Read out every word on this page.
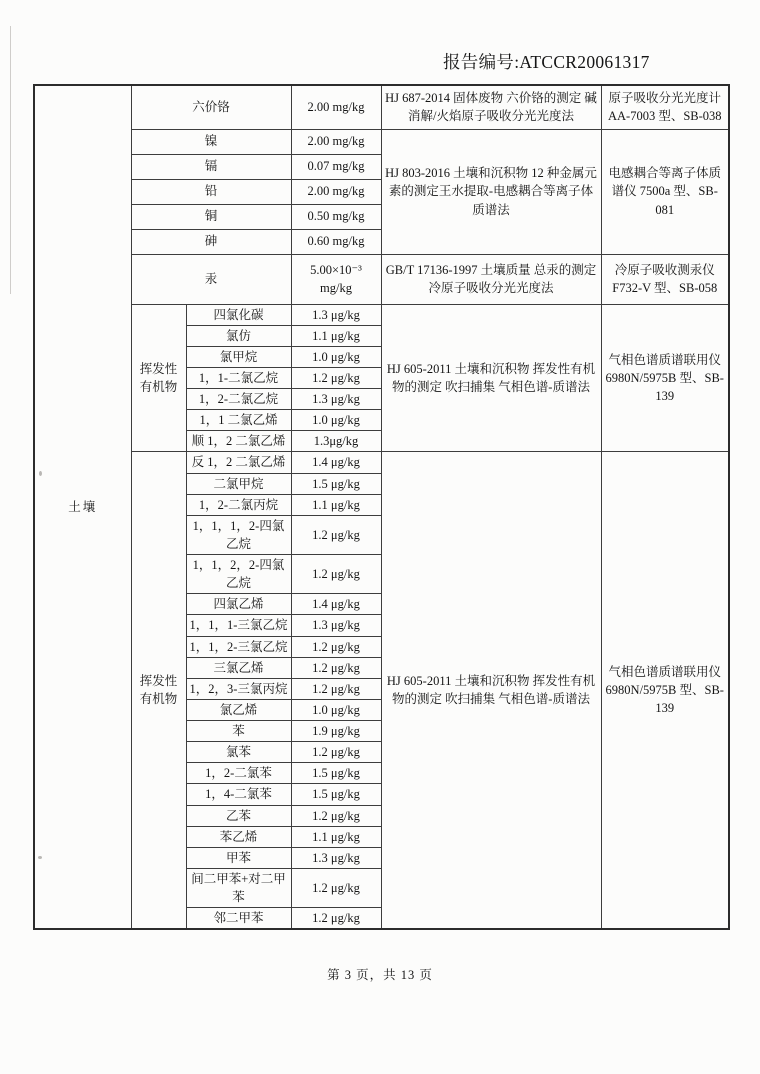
报告编号:ATCCR20061317
土壤	六价铬		2.00 mg/kg	HJ 687-2014 固体废物 六价铬的测定 碱消解/火焰原子吸收分光光度法	原子吸收分光光度计 AA-7003 型、SB-038
	镍		2.00 mg/kg	HJ 803-2016 土壤和沉积物 12 种金属元素的测定王水提取-电感耦合等离子体质谱法	电感耦合等离子体质谱仪 7500a 型、SB-081
	镉		0.07 mg/kg		
	铅		2.00 mg/kg		
	铜		0.50 mg/kg		
	砷		0.60 mg/kg		
	汞		5.00×10⁻³ mg/kg	GB/T 17136-1997 土壤质量 总汞的测定 冷原子吸收分光光度法	冷原子吸收测汞仪 F732-V 型、SB-058
	挥发性有机物	四氯化碳	1.3 μg/kg	HJ 605-2011 土壤和沉积物 挥发性有机物的测定 吹扫捕集 气相色谱-质谱法	气相色谱质谱联用仪 6980N/5975B 型、SB-139
		氯仿	1.1 μg/kg		
		氯甲烷	1.0 μg/kg		
		1，1-二氯乙烷	1.2 μg/kg		
		1，2-二氯乙烷	1.3 μg/kg		
		1，1 二氯乙烯	1.0 μg/kg		
		顺 1，2 二氯乙烯	1.3μg/kg		
	挥发性有机物	反 1，2 二氯乙烯	1.4 μg/kg	HJ 605-2011 土壤和沉积物 挥发性有机物的测定 吹扫捕集 气相色谱-质谱法	气相色谱质谱联用仪 6980N/5975B 型、SB-139
		二氯甲烷	1.5 μg/kg		
		1，2-二氯丙烷	1.1 μg/kg		
		1，1，1，2-四氯乙烷	1.2 μg/kg		
		1，1，2，2-四氯乙烷	1.2 μg/kg		
		四氯乙烯	1.4 μg/kg		
		1，1，1-三氯乙烷	1.3 μg/kg		
		1，1，2-三氯乙烷	1.2 μg/kg		
		三氯乙烯	1.2 μg/kg		
		1，2，3-三氯丙烷	1.2 μg/kg		
		氯乙烯	1.0 μg/kg		
		苯	1.9 μg/kg		
		氯苯	1.2 μg/kg		
		1，2-二氯苯	1.5 μg/kg		
		1，4-二氯苯	1.5 μg/kg		
		乙苯	1.2 μg/kg		
		苯乙烯	1.1 μg/kg		
		甲苯	1.3 μg/kg		
		间二甲苯+对二甲苯	1.2 μg/kg		
		邻二甲苯	1.2 μg/kg		
第 3 页，共 13 页
